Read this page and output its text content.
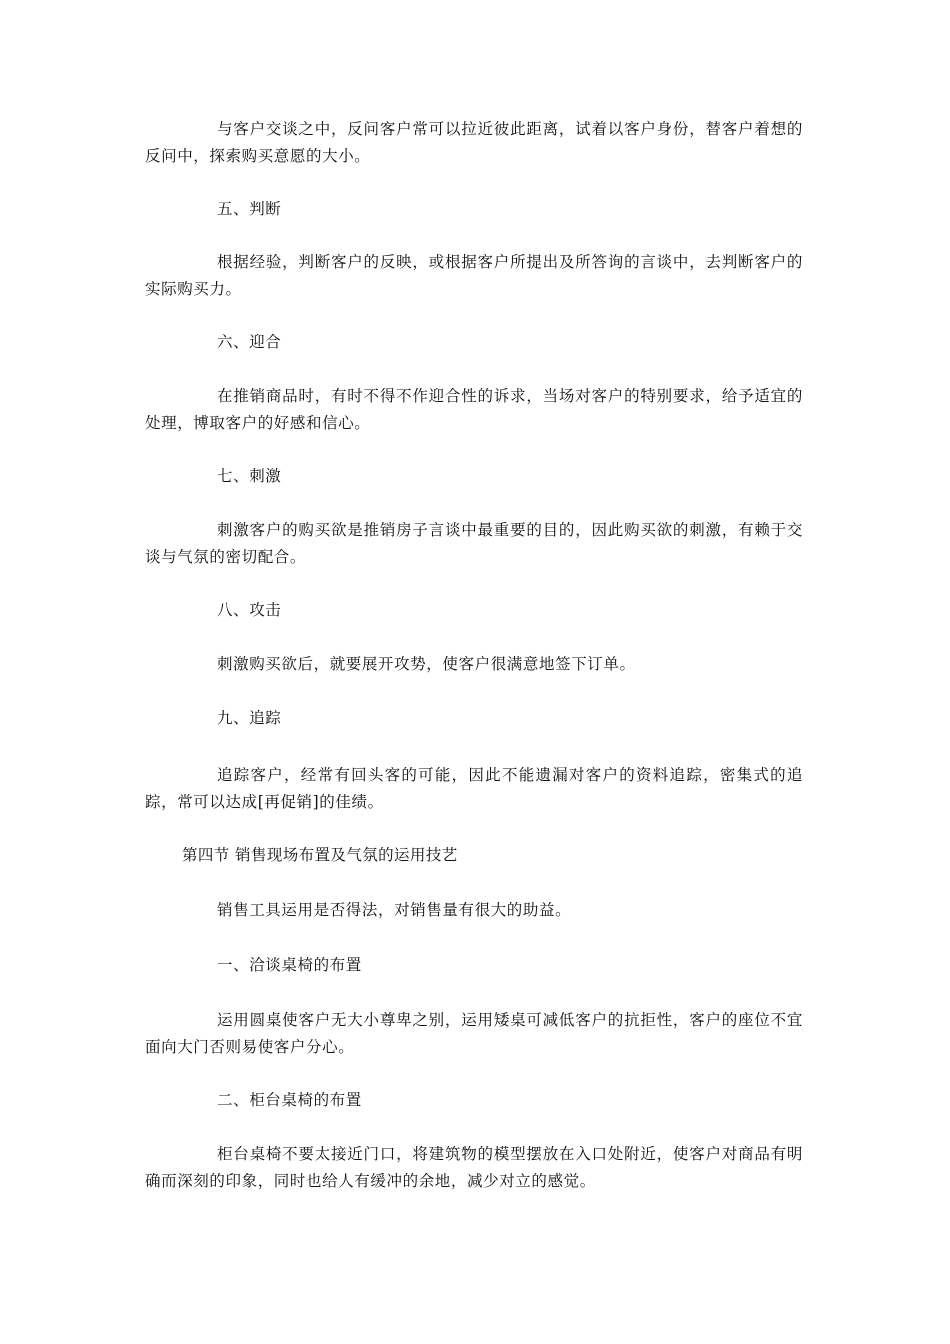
与客户交谈之中，反问客户常可以拉近彼此距离，试着以客户身份，替客户着想的反问中，探索购买意愿的大小。

五、判断

根据经验，判断客户的反映，或根据客户所提出及所答询的言谈中，去判断客户的实际购买力。

六、迎合

在推销商品时，有时不得不作迎合性的诉求，当场对客户的特别要求，给予适宜的处理，博取客户的好感和信心。

七、刺激

刺激客户的购买欲是推销房子言谈中最重要的目的，因此购买欲的刺激，有赖于交谈与气氛的密切配合。

八、攻击

刺激购买欲后，就要展开攻势，使客户很满意地签下订单。

九、追踪

追踪客户，经常有回头客的可能，因此不能遗漏对客户的资料追踪，密集式的追踪，常可以达成[再促销]的佳绩。

第四节 销售现场布置及气氛的运用技艺

销售工具运用是否得法，对销售量有很大的助益。

一、洽谈桌椅的布置

运用圆桌使客户无大小尊卑之别，运用矮桌可减低客户的抗拒性，客户的座位不宜面向大门否则易使客户分心。

二、柜台桌椅的布置

柜台桌椅不要太接近门口，将建筑物的模型摆放在入口处附近，使客户对商品有明确而深刻的印象，同时也给人有缓冲的余地，减少对立的感觉。
